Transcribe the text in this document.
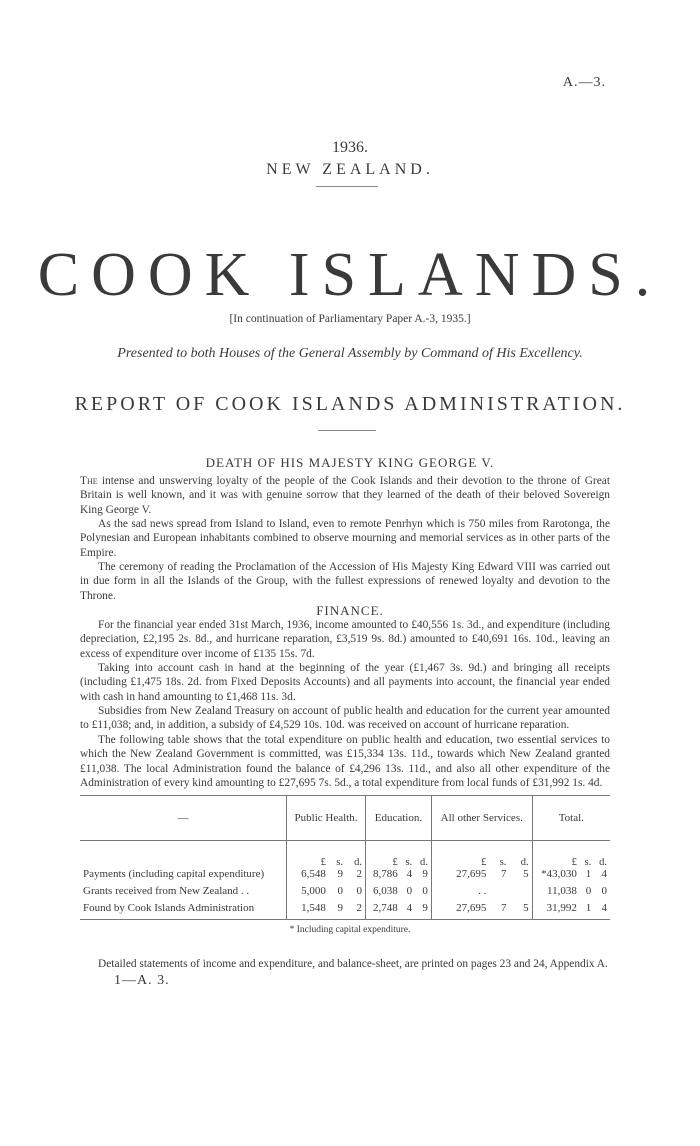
A.—3.
1936.
NEW ZEALAND.
COOK ISLANDS.
[In continuation of Parliamentary Paper A.-3, 1935.]
Presented to both Houses of the General Assembly by Command of His Excellency.
REPORT OF COOK ISLANDS ADMINISTRATION.
DEATH OF HIS MAJESTY KING GEORGE V.

The intense and unswerving loyalty of the people of the Cook Islands and their devotion to the throne of Great Britain is well known, and it was with genuine sorrow that they learned of the death of their beloved Sovereign King George V.

As the sad news spread from Island to Island, even to remote Penrhyn which is 750 miles from Rarotonga, the Polynesian and European inhabitants combined to observe mourning and memorial services as in other parts of the Empire.

The ceremony of reading the Proclamation of the Accession of His Majesty King Edward VIII was carried out in due form in all the Islands of the Group, with the fullest expressions of renewed loyalty and devotion to the Throne.

FINANCE.

For the financial year ended 31st March, 1936, income amounted to £40,556 1s. 3d., and expenditure (including depreciation, £2,195 2s. 8d., and hurricane reparation, £3,519 9s. 8d.) amounted to £40,691 16s. 10d., leaving an excess of expenditure over income of £135 15s. 7d.

Taking into account cash in hand at the beginning of the year (£1,467 3s. 9d.) and bringing all receipts (including £1,475 18s. 2d. from Fixed Deposits Accounts) and all payments into account, the financial year ended with cash in hand amounting to £1,468 11s. 3d.

—	Public Health.			Education.			All other Services.			Total.		
	£	s.	d.	£	s.	d.	£	s.	d.	£	s.	d.
Payments (including capital expenditure)	6,548	9	2	8,786	4	9	27,695	7	5	*43,030	1	4
Grants received from New Zealand . .	5,000	0	0	6,038	0	0	. .			11,038	0	0
Found by Cook Islands Administration	1,548	9	2	2,748	4	9	27,695	7	5	31,992	1	4
* Including capital expenditure.

Detailed statements of income and expenditure, and balance-sheet, are printed on pages 23 and 24, Appendix A.

1—A. 3.

Subsidies from New Zealand Treasury on account of public health and education for the current year amounted to £11,038; and, in addition, a subsidy of £4,529 10s. 10d. was received on account of hurricane reparation.

The following table shows that the total expenditure on public health and education, two essential services to which the New Zealand Government is committed, was £15,334 13s. 11d., towards which New Zealand granted £11,038. The local Administration found the balance of £4,296 13s. 11d., and also all other expenditure of the Administration of every kind amounting to £27,695 7s. 5d., a total expenditure from local funds of £31,992 1s. 4d.
